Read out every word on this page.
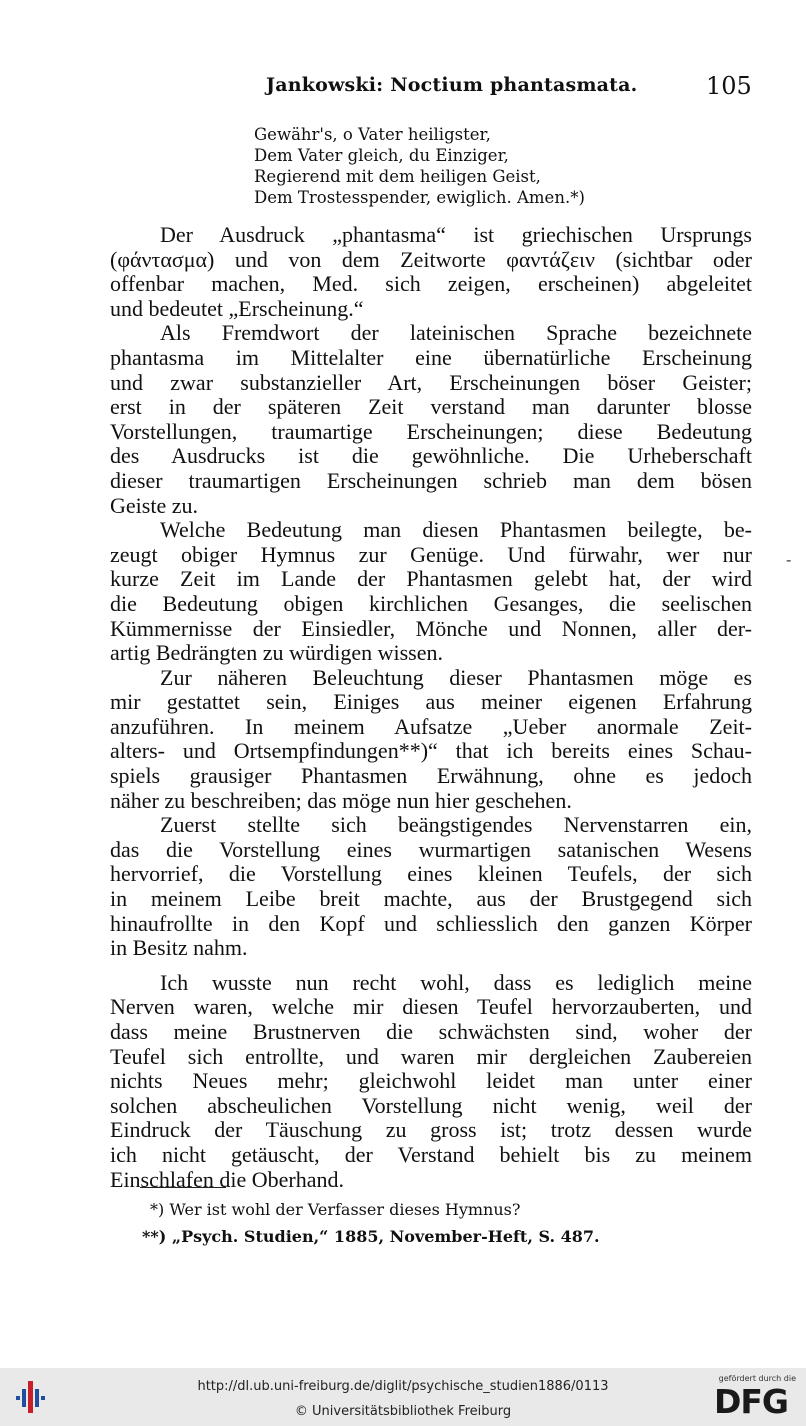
Jankowski: Noctium phantasmata.	105
Gewähr's, o Vater heiligster,
Dem Vater gleich, du Einziger,
Regierend mit dem heiligen Geist,
Dem Trostesspender, ewiglich. Amen.*)
Der Ausdruck „phantasma“ ist griechischen Ursprungs
(φάντασμα) und von dem Zeitworte φαντάζειν (sichtbar oder
offenbar machen, Med. sich zeigen, erscheinen) abgeleitet
und bedeutet „Erscheinung.“
Als Fremdwort der lateinischen Sprache bezeichnete
phantasma im Mittelalter eine übernatürliche Erscheinung
und zwar substanzieller Art, Erscheinungen böser Geister;
erst in der späteren Zeit verstand man darunter blosse
Vorstellungen, traumartige Erscheinungen; diese Bedeutung
des Ausdrucks ist die gewöhnliche. Die Urheberschaft
dieser traumartigen Erscheinungen schrieb man dem bösen
Geiste zu.
Welche Bedeutung man diesen Phantasmen beilegte, be-
zeugt obiger Hymnus zur Genüge. Und fürwahr, wer nur
kurze Zeit im Lande der Phantasmen gelebt hat, der wird
die Bedeutung obigen kirchlichen Gesanges, die seelischen
Kümmernisse der Einsiedler, Mönche und Nonnen, aller der-
artig Bedrängten zu würdigen wissen.
Zur näheren Beleuchtung dieser Phantasmen möge es
mir gestattet sein, Einiges aus meiner eigenen Erfahrung
anzuführen. In meinem Aufsatze „Ueber anormale Zeit-
alters- und Ortsempfindungen**)“ that ich bereits eines Schau-
spiels grausiger Phantasmen Erwähnung, ohne es jedoch
näher zu beschreiben; das möge nun hier geschehen.
Zuerst stellte sich beängstigendes Nervenstarren ein,
das die Vorstellung eines wurmartigen satanischen Wesens
hervorrief, die Vorstellung eines kleinen Teufels, der sich
in meinem Leibe breit machte, aus der Brustgegend sich
hinaufrollte in den Kopf und schliesslich den ganzen Körper
in Besitz nahm.
Ich wusste nun recht wohl, dass es lediglich meine
Nerven waren, welche mir diesen Teufel hervorzauberten, und
dass meine Brustnerven die schwächsten sind, woher der
Teufel sich entrollte, und waren mir dergleichen Zaubereien
nichts Neues mehr; gleichwohl leidet man unter einer
solchen abscheulichen Vorstellung nicht wenig, weil der
Eindruck der Täuschung zu gross ist; trotz dessen wurde
ich nicht getäuscht, der Verstand behielt bis zu meinem
Einschlafen die Oberhand.
-
*) Wer ist wohl der Verfasser dieses Hymnus?
**) „Psych. Studien,“ 1885, November-Heft, S. 487.
http://dl.ub.uni-freiburg.de/diglit/psychische_studien1886/0113
© Universitätsbibliothek Freiburg
gefördert durch die
DFG
